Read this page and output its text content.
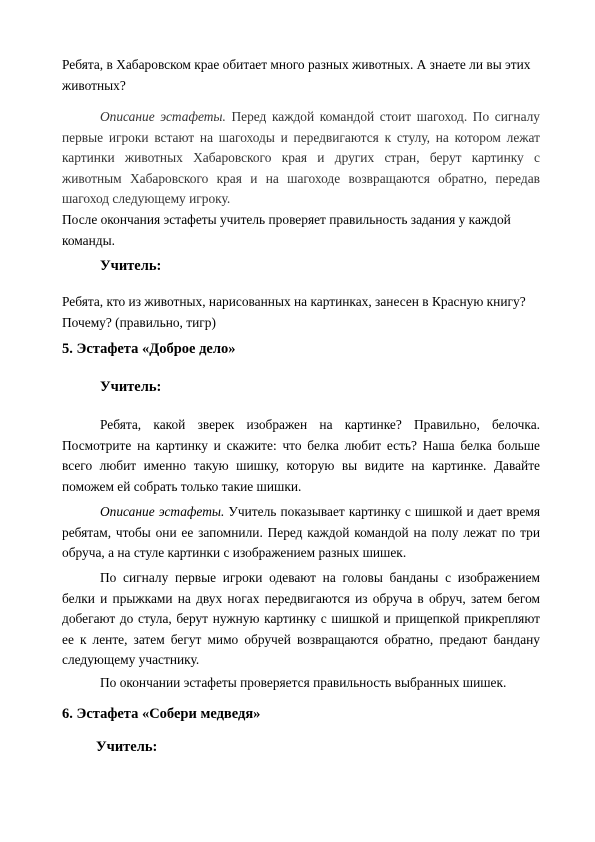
Ребята, в Хабаровском крае обитает много разных животных. А знаете ли вы этих животных?

Описание эстафеты. Перед каждой командой стоит шагоход. По сигналу первые игроки встают на шагоходы и передвигаются к стулу, на котором лежат картинки животных Хабаровского края и других стран, берут картинку с животным Хабаровского края и на шагоходе возвращаются обратно, передав шагоход следующему игроку.

После окончания эстафеты учитель проверяет правильность задания у каждой команды.

Учитель:

Ребята, кто из животных, нарисованных на картинках, занесен в Красную книгу? Почему? (правильно, тигр)

5. Эстафета «Доброе дело»

Учитель:

Ребята, какой зверек изображен на картинке? Правильно, белочка. Посмотрите на картинку и скажите: что белка любит есть? Наша белка больше всего любит именно такую шишку, которую вы видите на картинке. Давайте поможем ей собрать только такие шишки.

Описание эстафеты. Учитель показывает картинку с шишкой и дает время ребятам, чтобы они ее запомнили. Перед каждой командой на полу лежат по три обруча, а на стуле картинки с изображением разных шишек.

По сигналу первые игроки одевают на головы банданы с изображением белки и прыжками на двух ногах передвигаются из обруча в обруч, затем бегом добегают до стула, берут нужную картинку с шишкой и прищепкой прикрепляют ее к ленте, затем бегут мимо обручей возвращаются обратно, предают бандану следующему участнику.

По окончании эстафеты проверяется правильность выбранных шишек.

6. Эстафета «Собери медведя»

Учитель:
